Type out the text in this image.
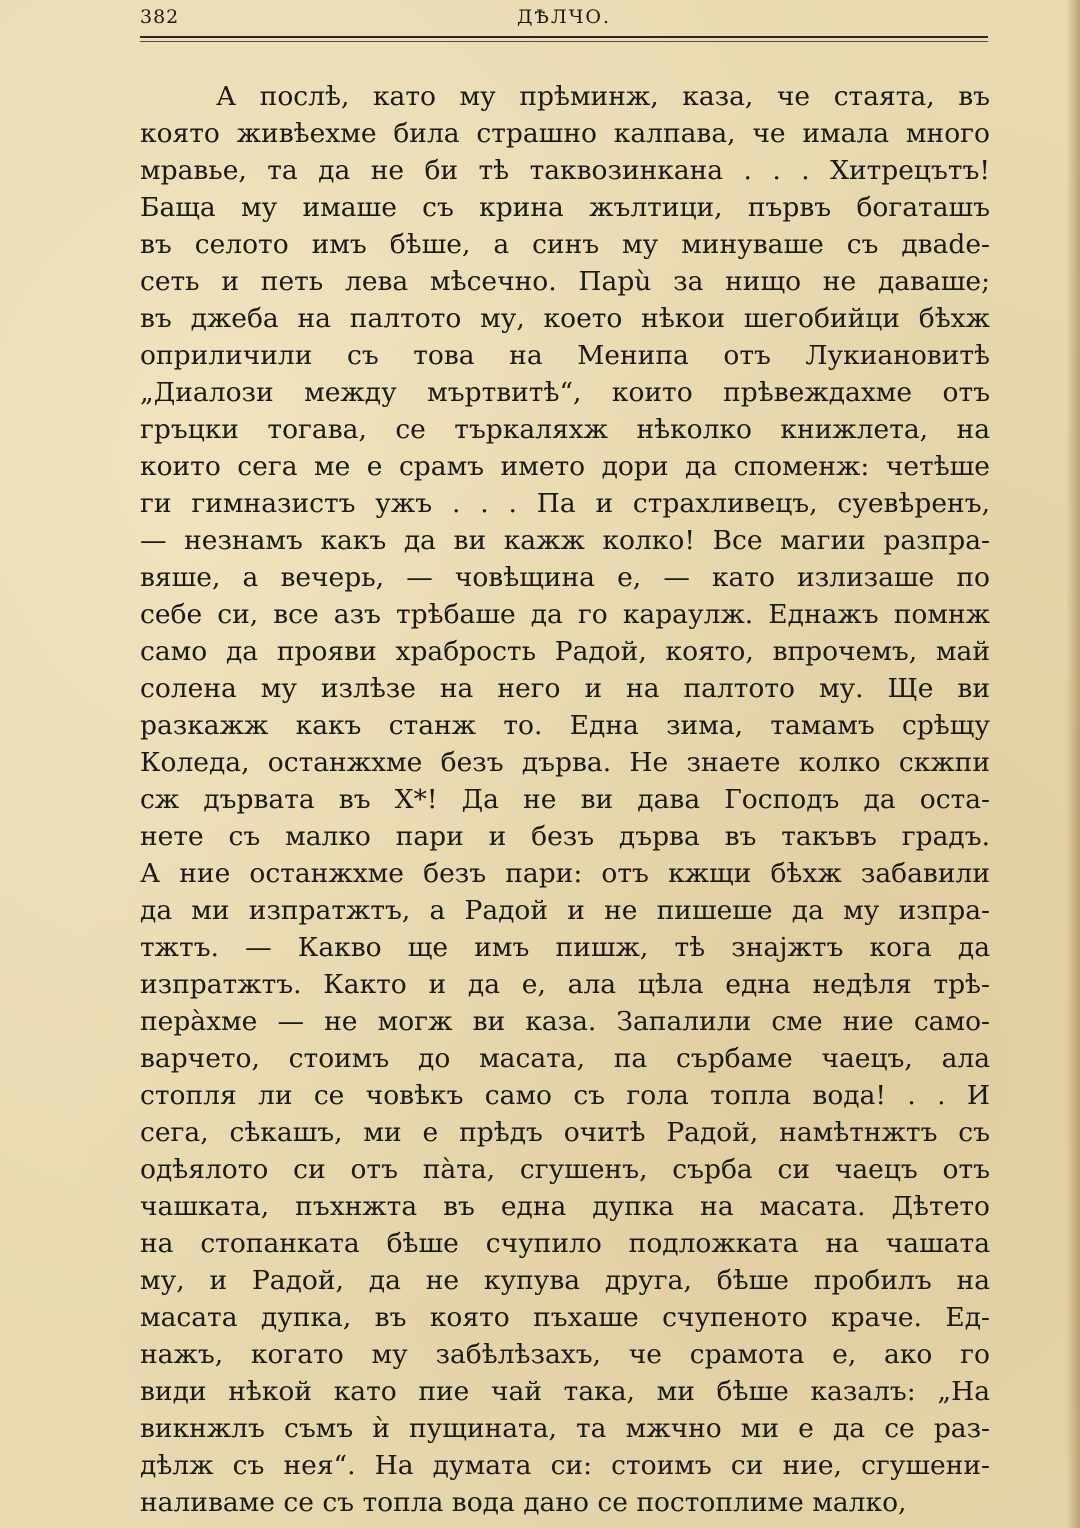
382	ДѢЛЧО.
А послѣ, като му прѣминж, каза, че стаята, въ
която живѣехме била страшно калпава, че имала много
мравье, та да не би тѣ таквозинкана . . . Хитрецътъ!
Баща му имаше съ крина жълтици, първъ богаташъ
въ селото имъ бѣше, а синъ му минуваше съ двade-
сеть и петь лева мѣсечно. Парù за нищо не даваше;
въ джеба на палтото му, което нѣкои шегобийци бѣхж
оприличили съ това на Менипа отъ Лукиановитѣ
„Диалози между мъртвитѣ“, които прѣвеждахме отъ
гръцки тогава, се търкаляхж нѣколко книжлета, на
които сега ме е срамъ името дори да споменж: четѣше
ги гимназистъ ужъ . . . Па и страхливецъ, суевѣренъ,
— незнамъ какъ да ви кажж колко! Все магии разпра-
вяше, а вечерь, — човѣщина е, — като излизаше по
себе си, все азъ трѣбаше да го караулж. Еднажъ помнж
само да прояви храбрость Радой, която, впрочемъ, май
солена му излѣзе на него и на палтото му. Ще ви
разкажж какъ станж то. Една зима, тамамъ срѣщу
Коледа, останжхме безъ дърва. Не знаете колко скжпи
сж дървата въ Х*! Да не ви дава Господъ да оста-
нете съ малко пари и безъ дърва въ такъвъ градъ.
А ние останжхме безъ пари: отъ кжщи бѣхж забавили
да ми изпратжтъ, а Радой и не пишеше да му изпра-
тжтъ. — Какво ще имъ пишж, тѣ знаjжтъ кога да
изпратжтъ. Както и да е, ала цѣла една недѣля трѣ-
перàхме — не могж ви каза. Запалили сме ние само-
варчето, стоимъ до масата, па сърбаме чаецъ, ала
стопля ли се човѣкъ само съ гола топла вода! . . И
сега, сѣкашъ, ми е прѣдъ очитѣ Радой, намѣтнжтъ съ
одѣялото си отъ пàта, сгушенъ, сърба си чаецъ отъ
чашката, пъхнжта въ една дупка на масата. Дѣтето
на стопанката бѣше счупило подложката на чашата
му, и Радой, да не купува друга, бѣше пробилъ на
масата дупка, въ която пъхаше счупеното краче. Ед-
нажъ, когато му забѣлѣзахъ, че срамота е, ако го
види нѣкой като пие чай така, ми бѣше казалъ: „На
викнжлъ съмъ ѝ пущината, та мжчно ми е да се раз-
дѣлж съ нея“. На думата си: стоимъ си ние, сгушени-
наливаме се съ топла вода дано се постоплиме малко,
